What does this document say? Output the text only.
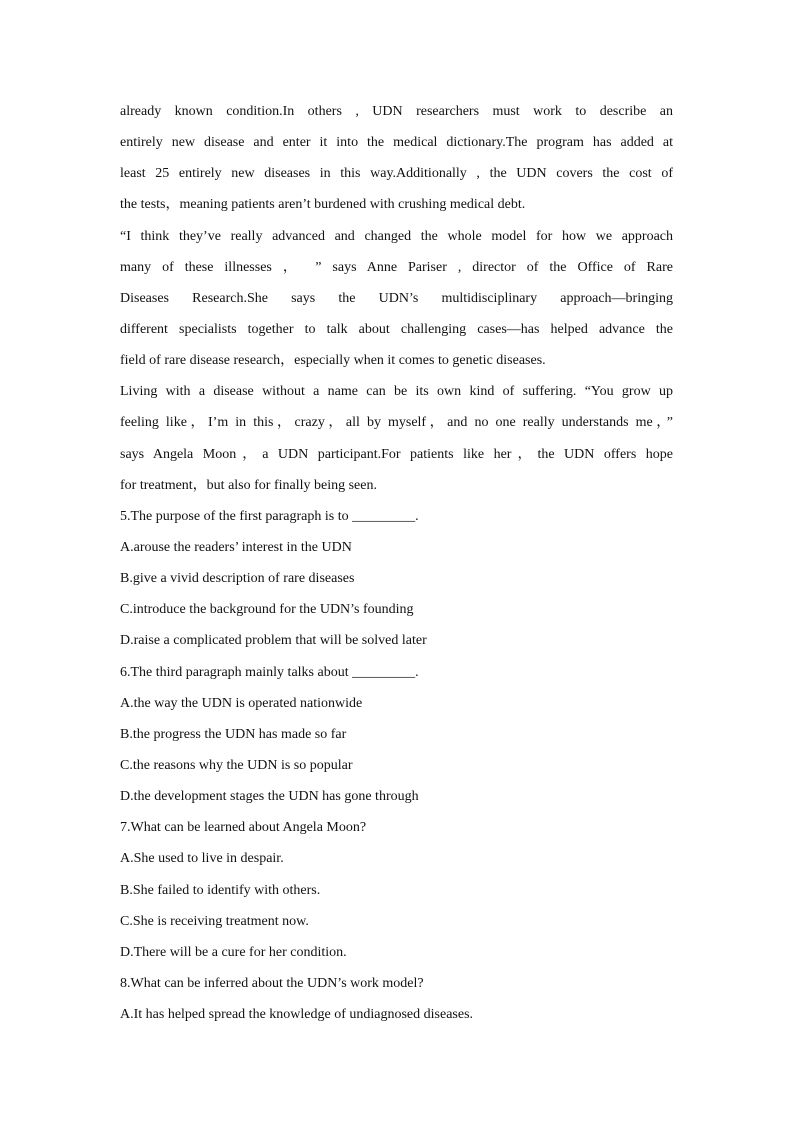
already known condition.In others , UDN researchers must work to describe an

entirely new disease and enter it into the medical dictionary.The program has added at

least 25 entirely new diseases in this way.Additionally , the UDN covers the cost of

the tests，meaning patients aren’t burdened with crushing medical debt.

“I think they’ve really advanced and changed the whole model for how we approach

many of these illnesses ， ” says Anne Pariser , director of the Office of Rare

Diseases Research.She says the UDN’s multidisciplinary approach—bringing

different specialists together to talk about challenging cases—has helped advance the

field of rare disease research，especially when it comes to genetic diseases.

Living with a disease without a name can be its own kind of suffering. “You grow up

feeling like，I’m in this，crazy，all by myself，and no one really understands me，”

says Angela Moon，a UDN participant.For patients like her，the UDN offers hope

for treatment，but also for finally being seen.

5.The purpose of the first paragraph is to _________.

A.arouse the readers’ interest in the UDN

B.give a vivid description of rare diseases

C.introduce the background for the UDN’s founding

D.raise a complicated problem that will be solved later

6.The third paragraph mainly talks about _________.

A.the way the UDN is operated nationwide

B.the progress the UDN has made so far

C.the reasons why the UDN is so popular

D.the development stages the UDN has gone through

7.What can be learned about Angela Moon?

A.She used to live in despair.

B.She failed to identify with others.

C.She is receiving treatment now.

D.There will be a cure for her condition.

8.What can be inferred about the UDN’s work model?

A.It has helped spread the knowledge of undiagnosed diseases.
